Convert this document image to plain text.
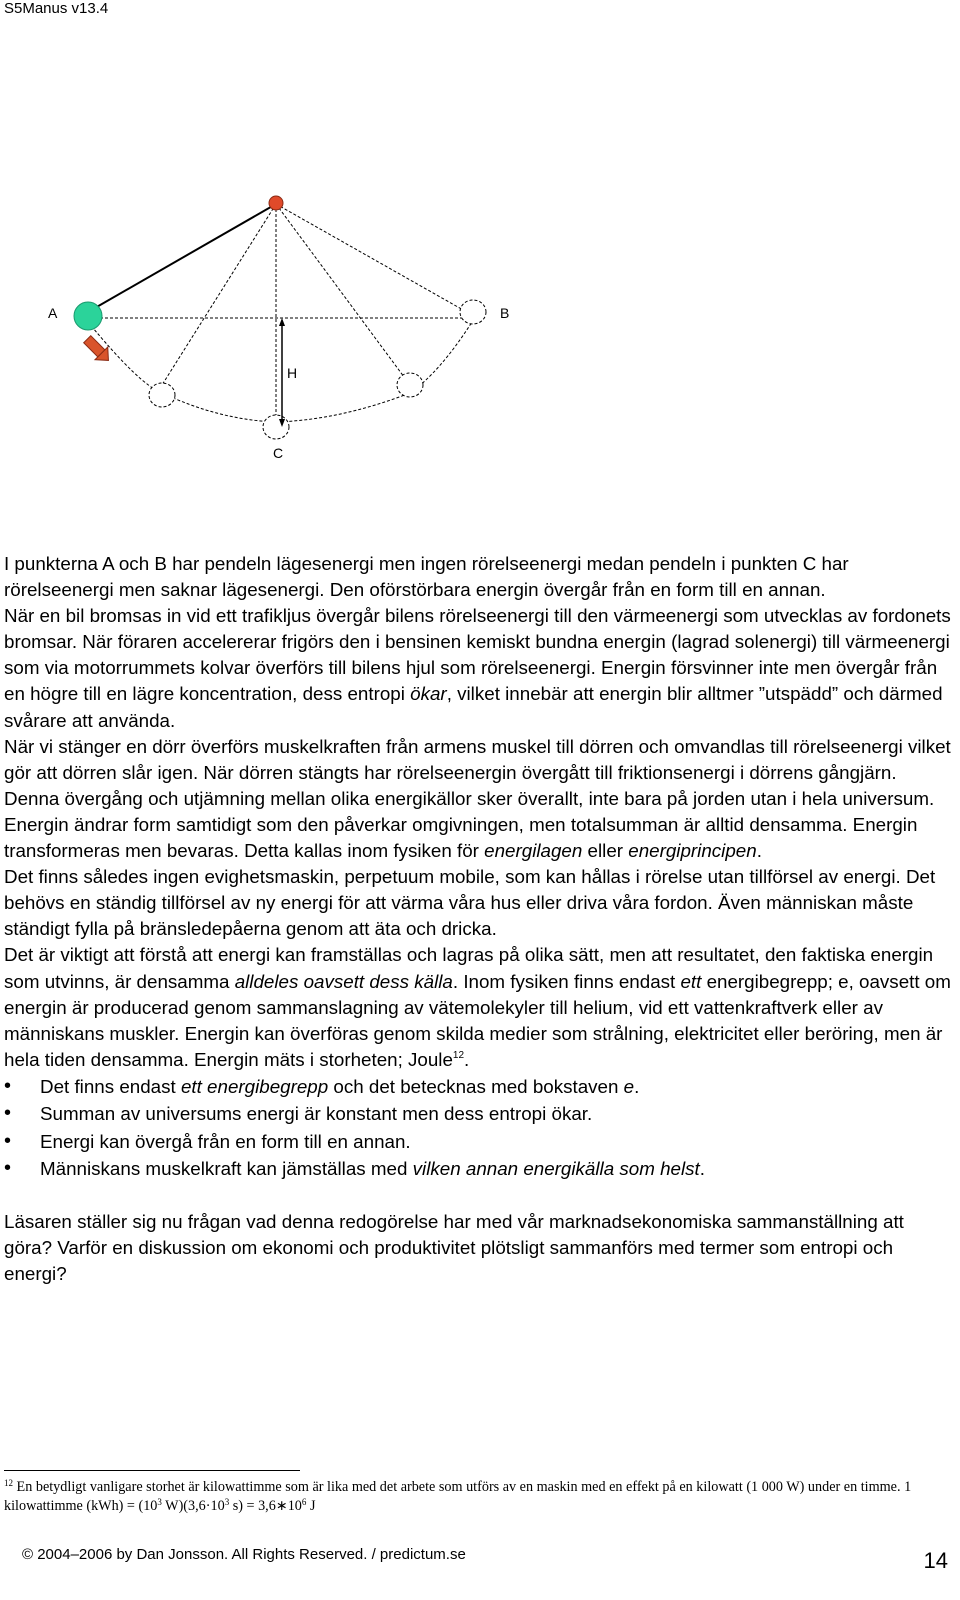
S5Manus v13.4
A	B
H
C

I punkterna A och B har pendeln lägesenergi men ingen rörelseenergi medan pendeln i punkten C har rörelseenergi men saknar lägesenergi. Den oförstörbara energin övergår från en form till en annan.

När en bil bromsas in vid ett trafikljus övergår bilens rörelseenergi till den värmeenergi som utvecklas av fordonets bromsar. När föraren accelererar frigörs den i bensinen kemiskt bundna energin (lagrad solenergi) till värmeenergi som via motorrummets kolvar överförs till bilens hjul som rörelseenergi. Energin försvinner inte men övergår från en högre till en lägre koncentration, dess entropi ökar, vilket innebär att energin blir alltmer ”utspädd” och därmed svårare att använda.

När vi stänger en dörr överförs muskelkraften från armens muskel till dörren och omvandlas till rörelseenergi vilket gör att dörren slår igen. När dörren stängts har rörelseenergin övergått till friktionsenergi i dörrens gångjärn.

Denna övergång och utjämning mellan olika energikällor sker överallt, inte bara på jorden utan i hela universum. Energin ändrar form samtidigt som den påverkar omgivningen, men totalsumman är alltid densamma. Energin transformeras men bevaras. Detta kallas inom fysiken för energilagen eller energiprincipen.

Det finns således ingen evighetsmaskin, perpetuum mobile, som kan hållas i rörelse utan tillförsel av energi. Det behövs en ständig tillförsel av ny energi för att värma våra hus eller driva våra fordon. Även människan måste ständigt fylla på bränsledepåerna genom att äta och dricka.

Det är viktigt att förstå att energi kan framställas och lagras på olika sätt, men att resultatet, den faktiska energin som utvinns, är densamma alldeles oavsett dess källa. Inom fysiken finns endast ett energibegrepp; e, oavsett om energin är producerad genom sammanslagning av vätemolekyler till helium, vid ett vattenkraftverk eller av människans muskler. Energin kan överföras genom skilda medier som strålning, elektricitet eller beröring, men är hela tiden densamma. Energin mäts i storheten; Joule$^{12}$.

• Det finns endast ett energibegrepp och det betecknas med bokstaven e.
• Summan av universums energi är konstant men dess entropi ökar.
• Energi kan övergå från en form till en annan.
• Människans muskelkraft kan jämställas med vilken annan energikälla som helst.

Läsaren ställer sig nu frågan vad denna redogörelse har med vår marknadsekonomiska sammanställning att göra? Varför en diskussion om ekonomi och produktivitet plötsligt sammanförs med termer som entropi och energi?

$^{12}$ En betydligt vanligare storhet är kilowattimme som är lika med det arbete som utförs av en maskin med en effekt på en kilowatt (1 000 W) under en timme. 1 kilowattimme $(kWh) = (10^3$ $W)(3,6\cdot 10^3$ $s) = 3,6∗10^6$ J
© 2004–2006 by Dan Jonsson. All Rights Reserved. / predictum.se	14
